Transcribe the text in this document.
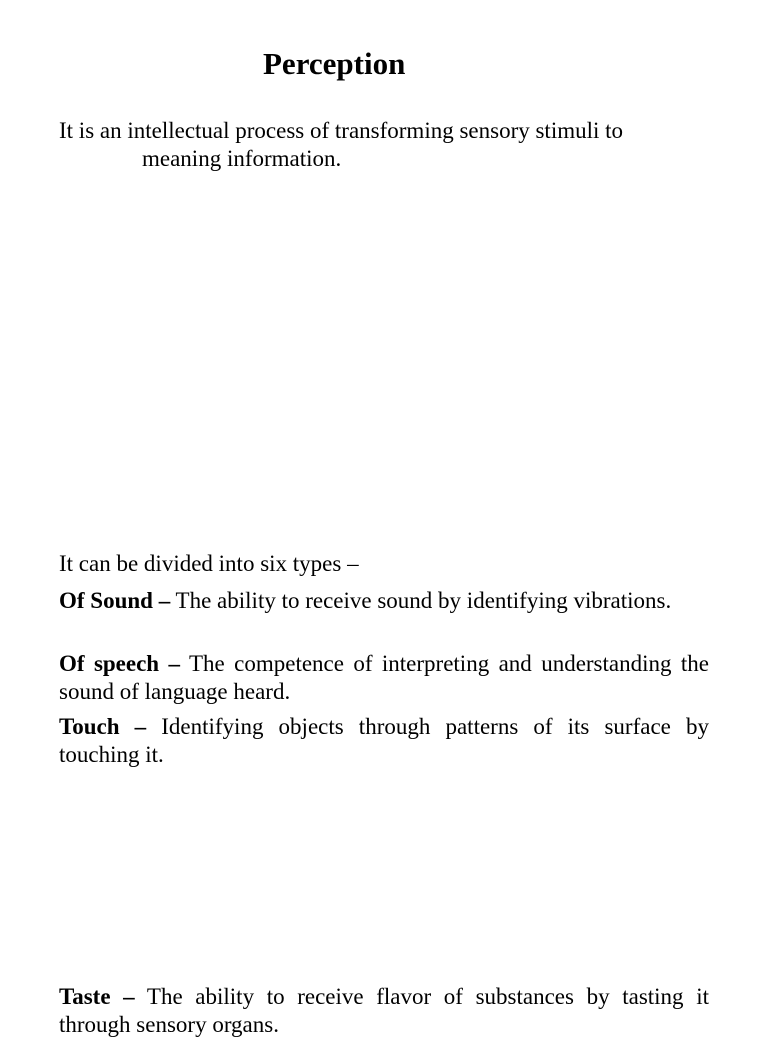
Perception

It is an intellectual process of transforming sensory stimuli to
meaning information.

It can be divided into six types –

Of Sound – The ability to receive sound by identifying vibrations.

Of speech – The competence of interpreting and understanding the sound of language heard.

Touch – Identifying objects through patterns of its surface by touching it.

Taste – The ability to receive flavor of substances by tasting it through sensory organs.
